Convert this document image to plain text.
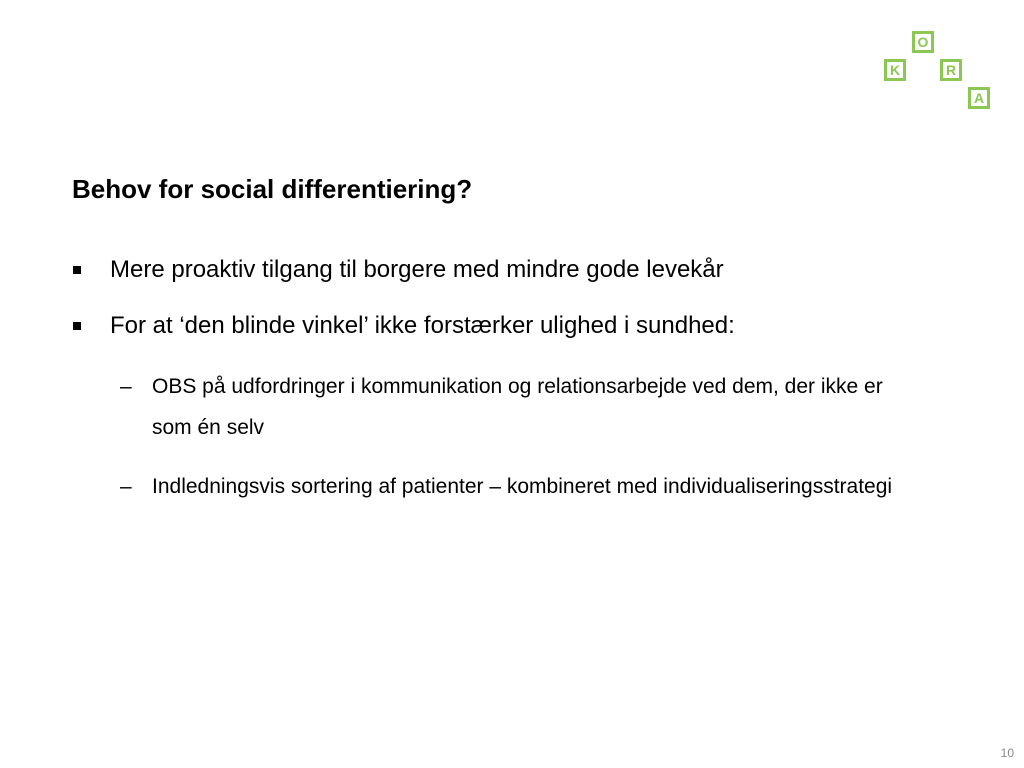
K
O
R
A
Behov for social differentiering?
Mere proaktiv tilgang til borgere med mindre gode levekår
For at ‘den blinde vinkel’ ikke forstærker ulighed i sundhed:
– OBS på udfordringer i kommunikation og relationsarbejde ved dem, der ikke er som én selv
– Indledningsvis sortering af patienter – kombineret med individualiseringsstrategi
10
